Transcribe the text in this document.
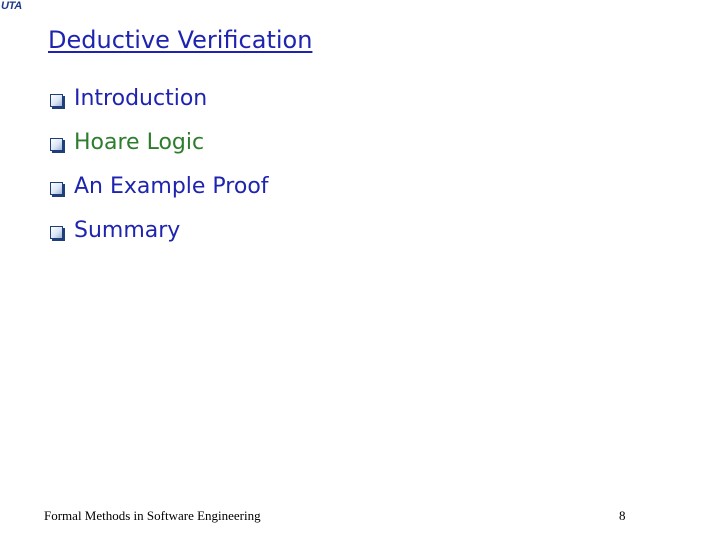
UTA
Deductive Verification
Introduction
Hoare Logic
An Example Proof
Summary
Formal Methods in Software Engineering	8
